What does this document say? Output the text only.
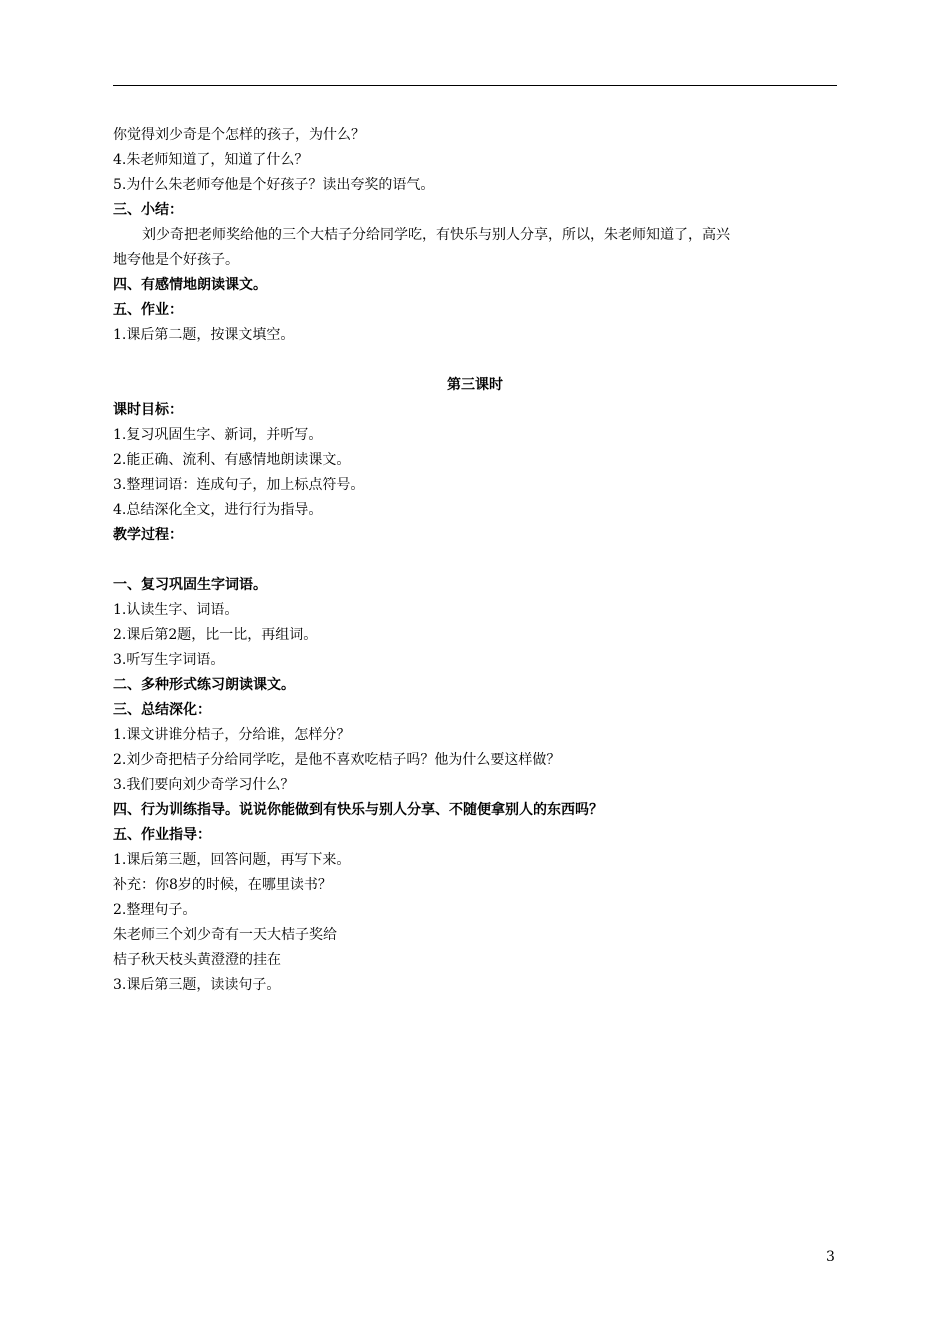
你觉得刘少奇是个怎样的孩子，为什么？
4.朱老师知道了，知道了什么？
5.为什么朱老师夸他是个好孩子？读出夸奖的语气。
三、小结：
刘少奇把老师奖给他的三个大桔子分给同学吃，有快乐与别人分享，所以，朱老师知道了，高兴
地夸他是个好孩子。
四、有感情地朗读课文。
五、作业：
1.课后第二题，按课文填空。
第三课时
课时目标：
1.复习巩固生字、新词，并听写。
2.能正确、流利、有感情地朗读课文。
3.整理词语：连成句子，加上标点符号。
4.总结深化全文，进行行为指导。
教学过程：
一、复习巩固生字词语。
1.认读生字、词语。
2.课后第2题，比一比，再组词。
3.听写生字词语。
二、多种形式练习朗读课文。
三、总结深化：
1.课文讲谁分桔子，分给谁，怎样分？
2.刘少奇把桔子分给同学吃，是他不喜欢吃桔子吗？他为什么要这样做？
3.我们要向刘少奇学习什么？
四、行为训练指导。说说你能做到有快乐与别人分享、不随便拿别人的东西吗？
五、作业指导：
1.课后第三题，回答问题，再写下来。
补充：你8岁的时候，在哪里读书？
2.整理句子。
朱老师三个刘少奇有一天大桔子奖给
桔子秋天枝头黄澄澄的挂在
3.课后第三题，读读句子。
3
